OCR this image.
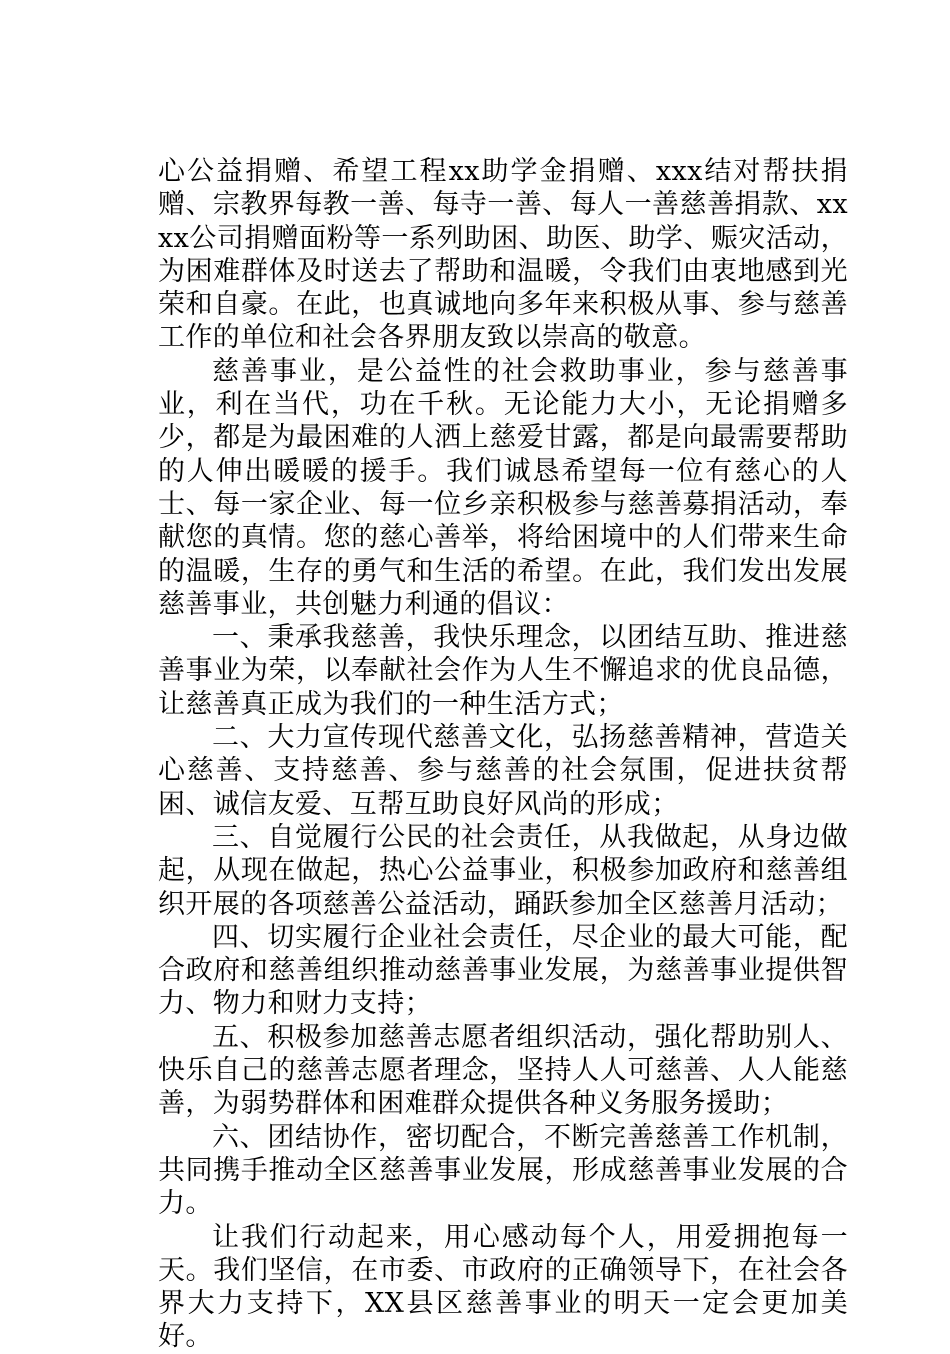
心公益捐赠、希望工程xx助学金捐赠、xxx结对帮扶捐赠、宗教界每教一善、每寺一善、每人一善慈善捐款、xxxx公司捐赠面粉等一系列助困、助医、助学、赈灾活动，为困难群体及时送去了帮助和温暖，令我们由衷地感到光荣和自豪。在此，也真诚地向多年来积极从事、参与慈善工作的单位和社会各界朋友致以崇高的敬意。

慈善事业，是公益性的社会救助事业，参与慈善事业，利在当代，功在千秋。无论能力大小，无论捐赠多少，都是为最困难的人洒上慈爱甘露，都是向最需要帮助的人伸出暖暖的援手。我们诚恳希望每一位有慈心的人士、每一家企业、每一位乡亲积极参与慈善募捐活动，奉献您的真情。您的慈心善举，将给困境中的人们带来生命的温暖，生存的勇气和生活的希望。在此，我们发出发展慈善事业，共创魅力利通的倡议：

一、秉承我慈善，我快乐理念，以团结互助、推进慈善事业为荣，以奉献社会作为人生不懈追求的优良品德，让慈善真正成为我们的一种生活方式；

二、大力宣传现代慈善文化，弘扬慈善精神，营造关心慈善、支持慈善、参与慈善的社会氛围，促进扶贫帮困、诚信友爱、互帮互助良好风尚的形成；

三、自觉履行公民的社会责任，从我做起，从身边做起，从现在做起，热心公益事业，积极参加政府和慈善组织开展的各项慈善公益活动，踊跃参加全区慈善月活动；

四、切实履行企业社会责任，尽企业的最大可能，配合政府和慈善组织推动慈善事业发展，为慈善事业提供智力、物力和财力支持；

五、积极参加慈善志愿者组织活动，强化帮助别人、快乐自己的慈善志愿者理念，坚持人人可慈善、人人能慈善，为弱势群体和困难群众提供各种义务服务援助；

六、团结协作，密切配合，不断完善慈善工作机制，共同携手推动全区慈善事业发展，形成慈善事业发展的合力。

让我们行动起来，用心感动每个人，用爱拥抱每一天。我们坚信，在市委、市政府的正确领导下，在社会各界大力支持下，XX县区慈善事业的明天一定会更加美好。
